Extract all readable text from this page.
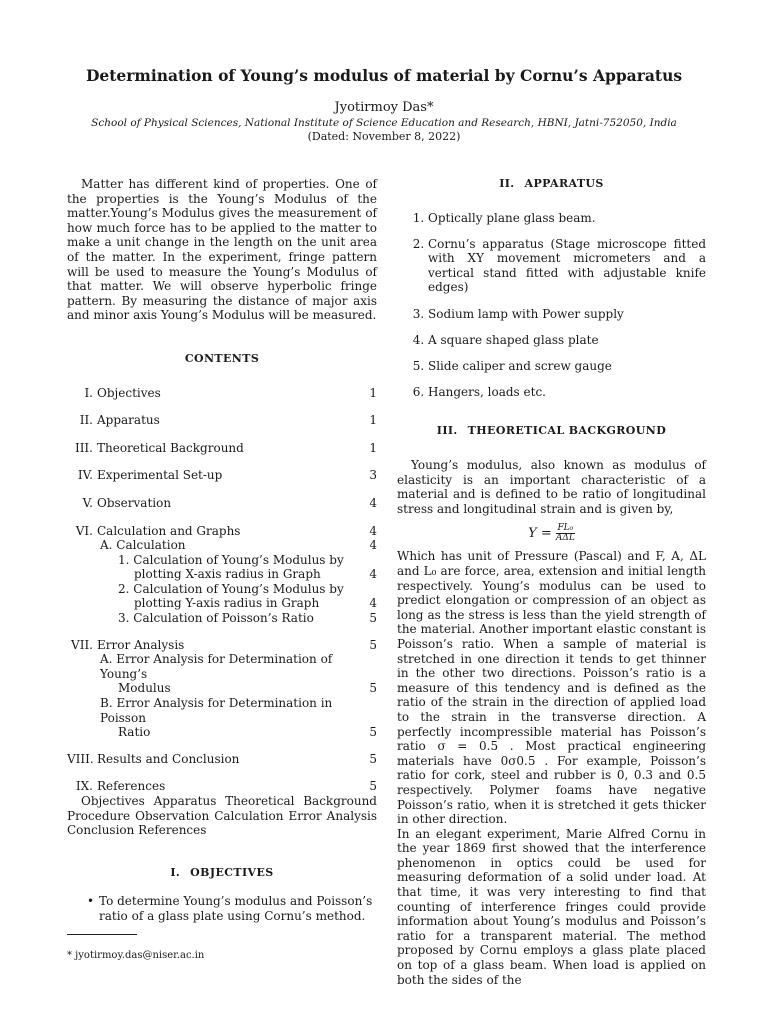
Determination of Young’s modulus of material by Cornu’s Apparatus
Jyotirmoy Das*
School of Physical Sciences, National Institute of Science Education and Research, HBNI, Jatni-752050, India
(Dated: November 8, 2022)

Matter has different kind of properties. One of the properties is the Young’s Modulus of the matter.Young’s Modulus gives the measurement of how much force has to be applied to the matter to make a unit change in the length on the unit area of the matter. In the experiment, fringe pattern will be used to measure the Young’s Modulus of that matter. We will observe hyperbolic fringe pattern. By measuring the distance of major axis and minor axis Young’s Modulus will be measured.

CONTENTS
I. Objectives	1
II. Apparatus	1
III. Theoretical Background	1
IV. Experimental Set-up	3
V. Observation	4
VI. Calculation and Graphs	4
A. Calculation	4
1. Calculation of Young’s Modulus by
plotting X-axis radius in Graph	4
2. Calculation of Young’s Modulus by
plotting Y-axis radius in Graph	4
3. Calculation of Poisson’s Ratio	5
VII. Error Analysis	5
A. Error Analysis for Determination of Young’s
Modulus	5
B. Error Analysis for Determination in Poisson
Ratio	5
VIII. Results and Conclusion	5
IX. References	5

Objectives Apparatus Theoretical Background Procedure Observation Calculation Error Analysis Conclusion References

I. OBJECTIVES
• To determine Young’s modulus and Poisson’s ratio of a glass plate using Cornu’s method.
* jyotirmoy.das@niser.ac.in
II. APPARATUS
1. Optically plane glass beam.
2. Cornu’s apparatus (Stage microscope fitted with XY movement micrometers and a vertical stand fitted with adjustable knife edges)
3. Sodium lamp with Power supply
4. A square shaped glass plate
5. Slide caliper and screw gauge
6. Hangers, loads etc.
III. THEORETICAL BACKGROUND

Young’s modulus, also known as modulus of elasticity is an important characteristic of a material and is defined to be ratio of longitudinal stress and longitudinal strain and is given by,

$Y = \frac{\text{FL₀}}{\text{AΔL}}$

Which has unit of Pressure (Pascal) and F, A, ΔL and L₀ are force, area, extension and initial length respectively. Young’s modulus can be used to predict elongation or compression of an object as long as the stress is less than the yield strength of the material. Another important elastic constant is Poisson’s ratio. When a sample of material is stretched in one direction it tends to get thinner in the other two directions. Poisson’s ratio is a measure of this tendency and is defined as the ratio of the strain in the direction of applied load to the strain in the transverse direction. A perfectly incompressible material has Poisson’s ratio σ = 0.5 . Most practical engineering materials have 0σ0.5 . For example, Poisson’s ratio for cork, steel and rubber is 0, 0.3 and 0.5 respectively. Polymer foams have negative Poisson’s ratio, when it is stretched it gets thicker in other direction.

In an elegant experiment, Marie Alfred Cornu in the year 1869 first showed that the interference phenomenon in optics could be used for measuring deformation of a solid under load. At that time, it was very interesting to find that counting of interference fringes could provide information about Young’s modulus and Poisson’s ratio for a transparent material. The method proposed by Cornu employs a glass plate placed on top of a glass beam. When load is applied on both the sides of the
